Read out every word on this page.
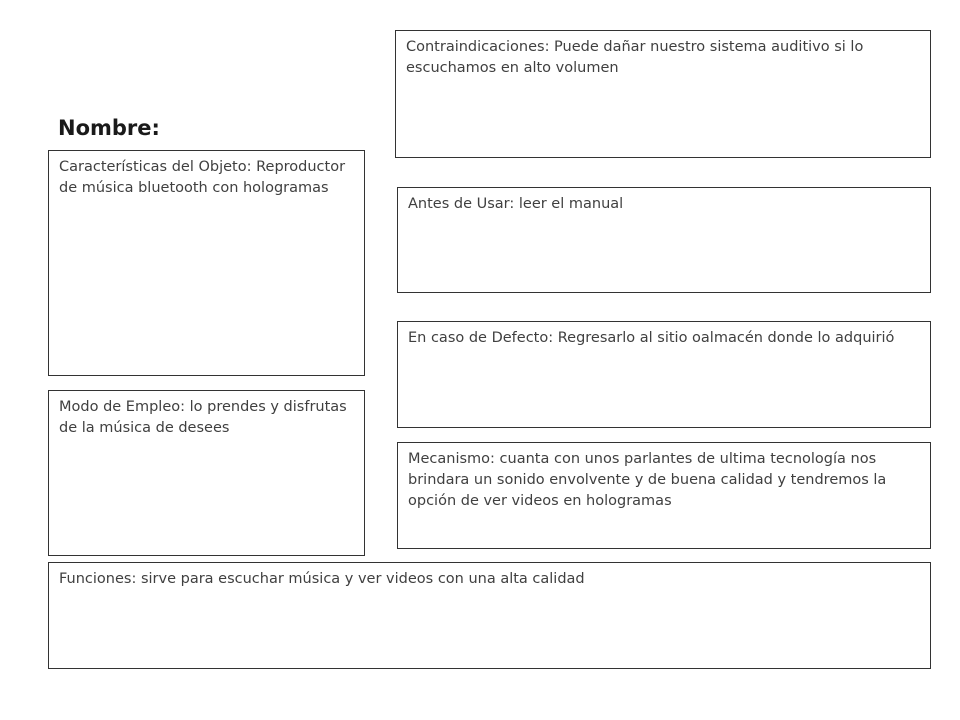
Nombre:
Contraindicaciones: Puede dañar nuestro sistema auditivo si lo escuchamos en alto volumen
Características del Objeto: Reproductor de música bluetooth con hologramas
Antes de Usar: leer el manual
En caso de Defecto: Regresarlo al sitio oalmacén donde lo adquirió
Modo de Empleo: lo prendes y disfrutas de la música de desees
Mecanismo: cuanta con unos parlantes de ultima tecnología nos brindara un sonido envolvente y de buena calidad y tendremos la opción de ver videos en hologramas
Funciones: sirve para escuchar música y ver videos con una alta calidad
